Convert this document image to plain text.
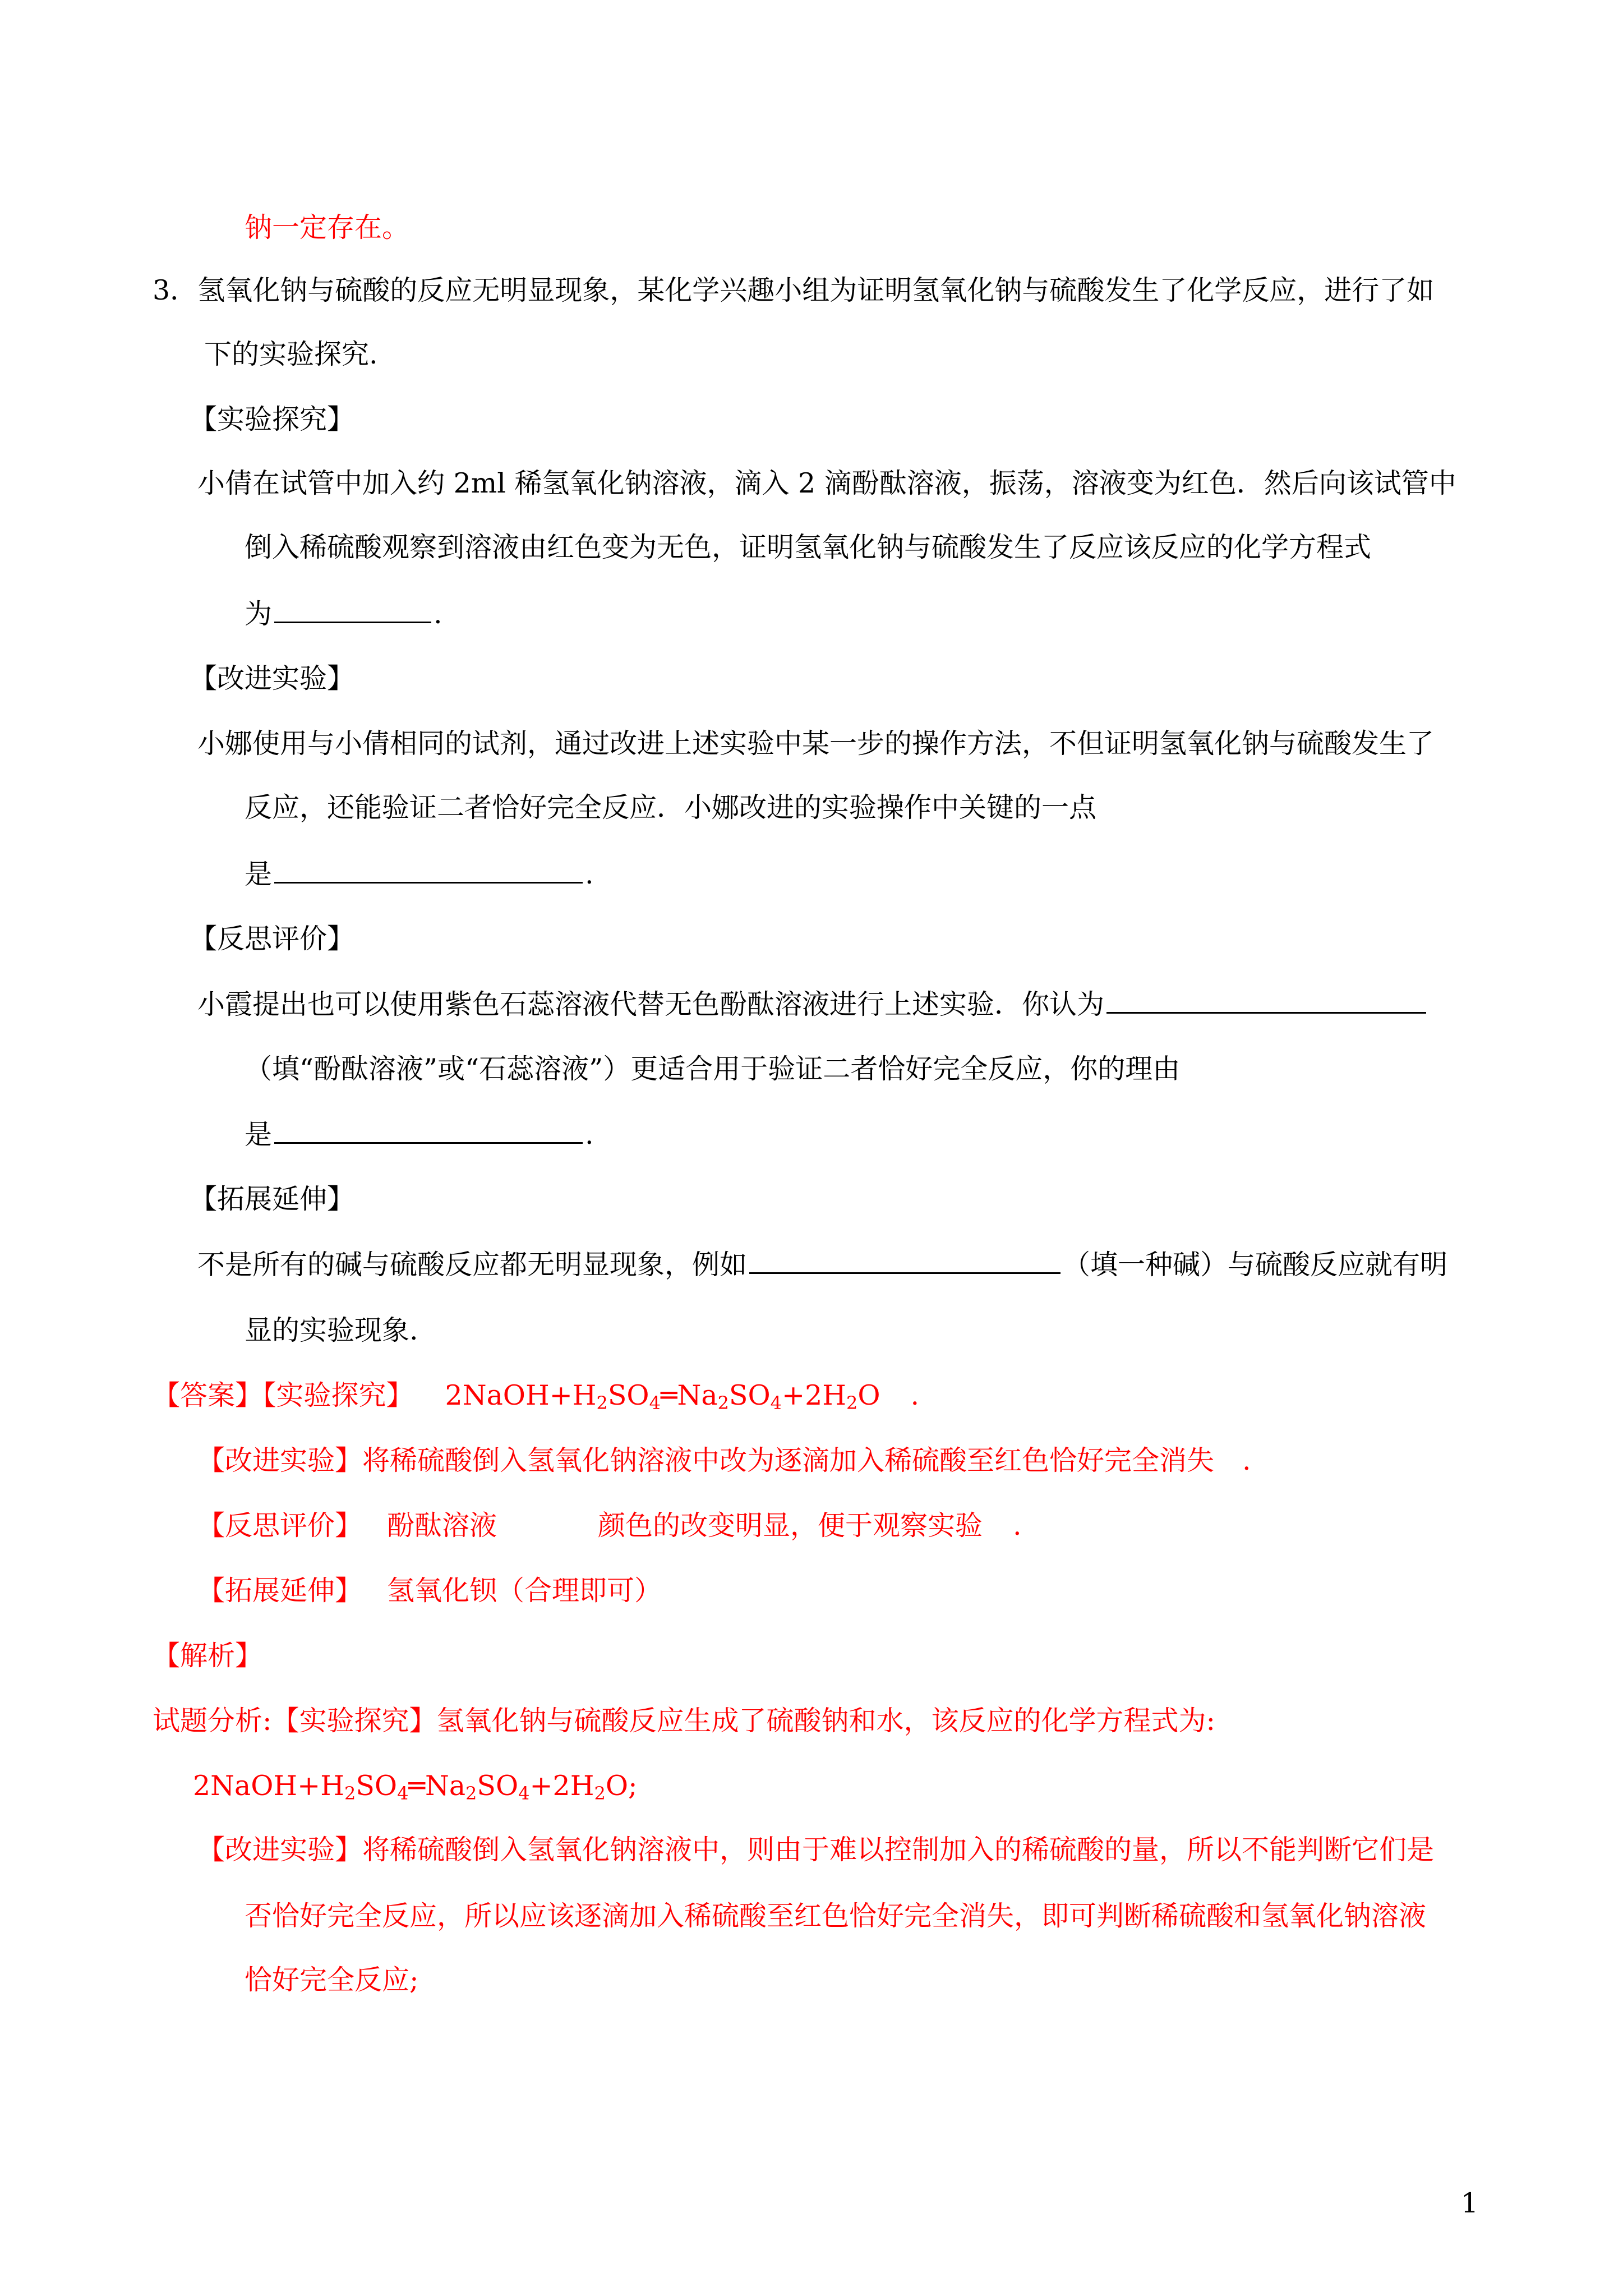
钠一定存在。
3．氢氧化钠与硫酸的反应无明显现象，某化学兴趣小组为证明氢氧化钠与硫酸发生了化学反应，进行了如
下的实验探究.
【实验探究】
小倩在试管中加入约 2ml 稀氢氧化钠溶液，滴入 2 滴酚酞溶液，振荡，溶液变为红色．然后向该试管中
倒入稀硫酸观察到溶液由红色变为无色，证明氢氧化钠与硫酸发生了反应该反应的化学方程式
为	.
【改进实验】
小娜使用与小倩相同的试剂，通过改进上述实验中某一步的操作方法，不但证明氢氧化钠与硫酸发生了
反应，还能验证二者恰好完全反应．小娜改进的实验操作中关键的一点
是	.
【反思评价】
小霞提出也可以使用紫色石蕊溶液代替无色酚酞溶液进行上述实验．你认为
（填“酚酞溶液”或“石蕊溶液”）更适合用于验证二者恰好完全反应，你的理由
是	.
【拓展延伸】
不是所有的碱与硫酸反应都无明显现象，例如	（填一种碱）与硫酸反应就有明
显的实验现象.
【答案】【实验探究】 $2NaOH+H_2SO_4═Na_2SO_4+2H_2O$ .
【改进实验】将稀硫酸倒入氢氧化钠溶液中改为逐滴加入稀硫酸至红色恰好完全消失 .
【反思评价】 酚酞溶液	颜色的改变明显，便于观察实验 .
【拓展延伸】 氢氧化钡（合理即可）
【解析】
试题分析:【实验探究】氢氧化钠与硫酸反应生成了硫酸钠和水，该反应的化学方程式为:
$2NaOH+H_2SO_4═Na_2SO_4+2H_2O$;
【改进实验】将稀硫酸倒入氢氧化钠溶液中，则由于难以控制加入的稀硫酸的量，所以不能判断它们是
否恰好完全反应，所以应该逐滴加入稀硫酸至红色恰好完全消失，即可判断稀硫酸和氢氧化钠溶液
恰好完全反应;
1
